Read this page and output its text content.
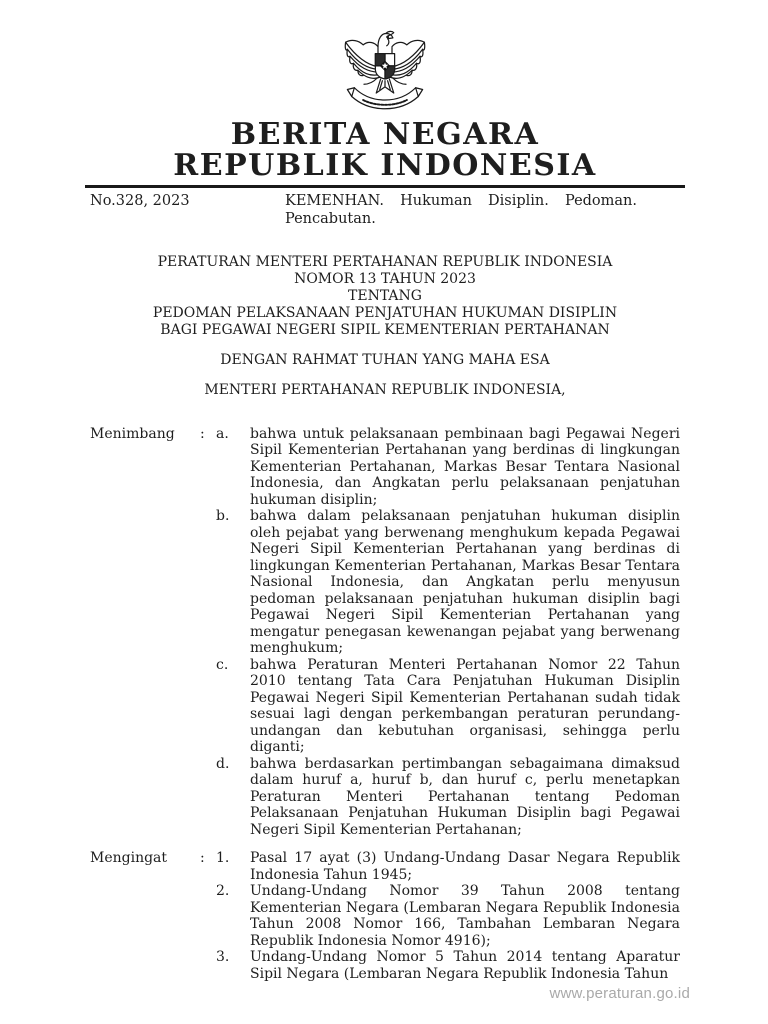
BERITA NEGARA
REPUBLIK INDONESIA
No.328, 2023	KEMENHAN. Hukuman Disiplin. Pedoman. Pencabutan.
PERATURAN MENTERI PERTAHANAN REPUBLIK INDONESIA
NOMOR 13 TAHUN 2023
TENTANG
PEDOMAN PELAKSANAAN PENJATUHAN HUKUMAN DISIPLIN
BAGI PEGAWAI NEGERI SIPIL KEMENTERIAN PERTAHANAN
DENGAN RAHMAT TUHAN YANG MAHA ESA
MENTERI PERTAHANAN REPUBLIK INDONESIA,
Menimbang	: a.	bahwa untuk pelaksanaan pembinaan bagi Pegawai Negeri Sipil Kementerian Pertahanan yang berdinas di lingkungan Kementerian Pertahanan, Markas Besar Tentara Nasional Indonesia, dan Angkatan perlu pelaksanaan penjatuhan hukuman disiplin;
b.	bahwa dalam pelaksanaan penjatuhan hukuman disiplin oleh pejabat yang berwenang menghukum kepada Pegawai Negeri Sipil Kementerian Pertahanan yang berdinas di lingkungan Kementerian Pertahanan, Markas Besar Tentara Nasional Indonesia, dan Angkatan perlu menyusun pedoman pelaksanaan penjatuhan hukuman disiplin bagi Pegawai Negeri Sipil Kementerian Pertahanan yang mengatur penegasan kewenangan pejabat yang berwenang menghukum;
c.	bahwa Peraturan Menteri Pertahanan Nomor 22 Tahun 2010 tentang Tata Cara Penjatuhan Hukuman Disiplin Pegawai Negeri Sipil Kementerian Pertahanan sudah tidak sesuai lagi dengan perkembangan peraturan perundang-undangan dan kebutuhan organisasi, sehingga perlu diganti;
d.	bahwa berdasarkan pertimbangan sebagaimana dimaksud dalam huruf a, huruf b, dan huruf c, perlu menetapkan Peraturan Menteri Pertahanan tentang Pedoman Pelaksanaan Penjatuhan Hukuman Disiplin bagi Pegawai Negeri Sipil Kementerian Pertahanan;
Mengingat	: 1.	Pasal 17 ayat (3) Undang-Undang Dasar Negara Republik Indonesia Tahun 1945;
2.	Undang-Undang Nomor 39 Tahun 2008 tentang Kementerian Negara (Lembaran Negara Republik Indonesia Tahun 2008 Nomor 166, Tambahan Lembaran Negara Republik Indonesia Nomor 4916);
3.	Undang-Undang Nomor 5 Tahun 2014 tentang Aparatur Sipil Negara (Lembaran Negara Republik Indonesia Tahun
www.peraturan.go.id
